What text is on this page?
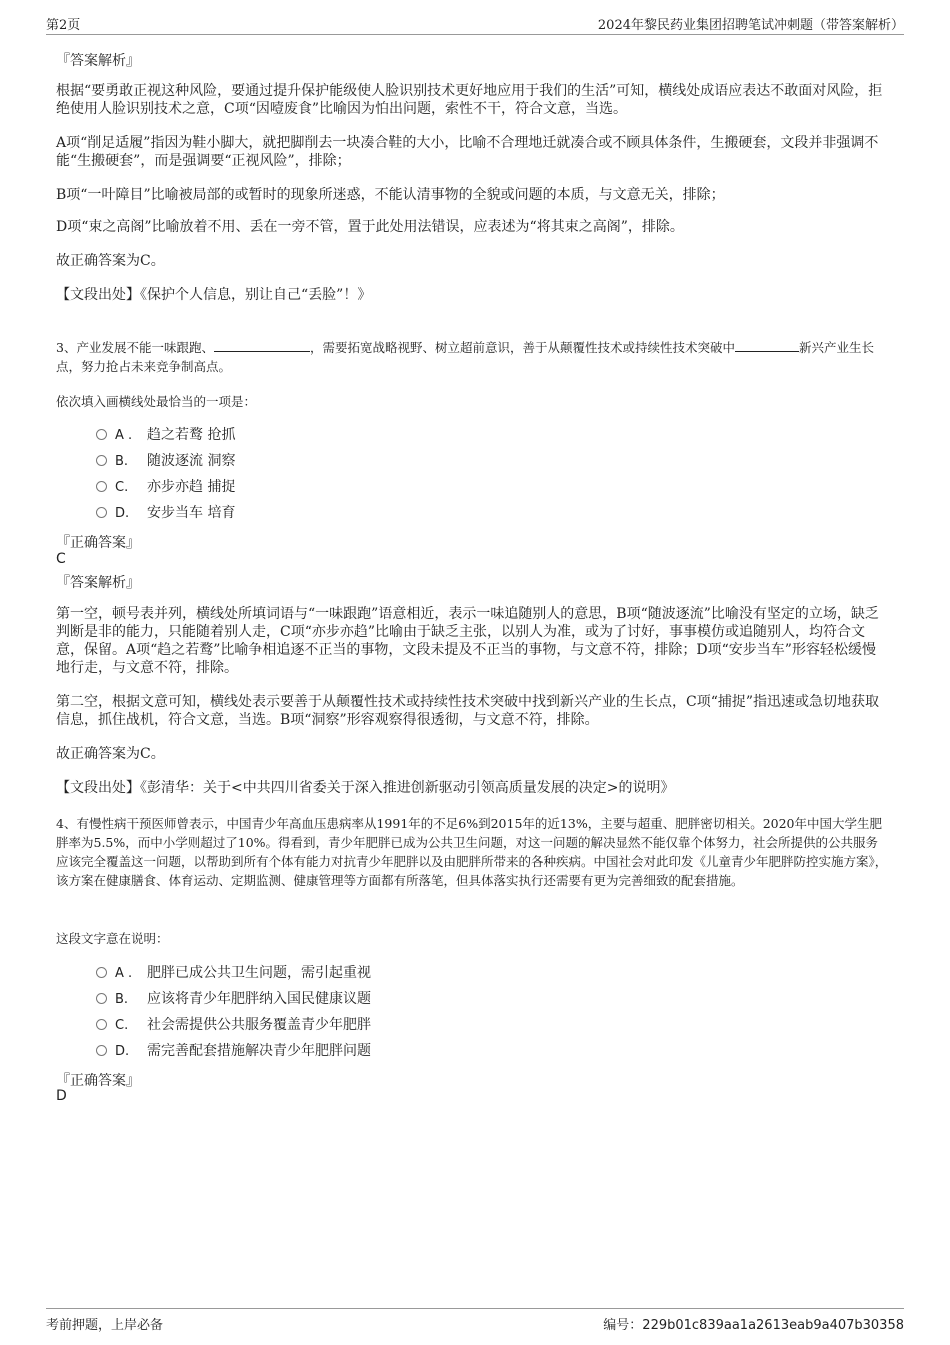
第2页	2024年黎民药业集团招聘笔试冲刺题（带答案解析）
『答案解析』

根据“要勇敢正视这种风险，要通过提升保护能级使人脸识别技术更好地应用于我们的生活”可知，横线处成语应表达不敢面对风险，拒绝使用人脸识别技术之意，C项“因噎废食”比喻因为怕出问题，索性不干，符合文意，当选。

A项“削足适履”指因为鞋小脚大，就把脚削去一块凑合鞋的大小，比喻不合理地迁就凑合或不顾具体条件，生搬硬套，文段并非强调不能“生搬硬套”，而是强调要“正视风险”，排除；

B项“一叶障目”比喻被局部的或暂时的现象所迷惑，不能认清事物的全貌或问题的本质，与文意无关，排除；

D项“束之高阁”比喻放着不用、丢在一旁不管，置于此处用法错误，应表述为“将其束之高阁”，排除。

故正确答案为C。

【文段出处】《保护个人信息，别让自己“丢脸”！》

3、产业发展不能一味跟跑、	，需要拓宽战略视野、树立超前意识，善于从颠覆性技术或持续性技术突破中	新兴产业生长点，努力抢占未来竞争制高点。

依次填入画横线处最恰当的一项是：
A . 趋之若鹜 抢抓
B. 随波逐流 洞察
C. 亦步亦趋 捕捉
D. 安步当车 培育
『正确答案』
C
『答案解析』

第一空，顿号表并列，横线处所填词语与“一味跟跑”语意相近，表示一味追随别人的意思，B项“随波逐流”比喻没有坚定的立场，缺乏判断是非的能力，只能随着别人走，C项“亦步亦趋”比喻由于缺乏主张，以别人为准，或为了讨好，事事模仿或追随别人，均符合文意，保留。A项“趋之若鹜”比喻争相追逐不正当的事物，文段未提及不正当的事物，与文意不符，排除；D项“安步当车”形容轻松缓慢地行走，与文意不符，排除。

第二空，根据文意可知，横线处表示要善于从颠覆性技术或持续性技术突破中找到新兴产业的生长点，C项“捕捉”指迅速或急切地获取信息，抓住战机，符合文意，当选。B项“洞察”形容观察得很透彻，与文意不符，排除。

故正确答案为C。

【文段出处】《彭清华：关于<中共四川省委关于深入推进创新驱动引领高质量发展的决定>的说明》

4、有慢性病干预医师曾表示，中国青少年高血压患病率从1991年的不足6%到2015年的近13%，主要与超重、肥胖密切相关。2020年中国大学生肥胖率为5.5%，而中小学则超过了10%。得看到，青少年肥胖已成为公共卫生问题，对这一问题的解决显然不能仅靠个体努力，社会所提供的公共服务应该完全覆盖这一问题，以帮助到所有个体有能力对抗青少年肥胖以及由肥胖所带来的各种疾病。中国社会对此印发《儿童青少年肥胖防控实施方案》，该方案在健康膳食、体育运动、定期监测、健康管理等方面都有所落笔，但具体落实执行还需要有更为完善细致的配套措施。

这段文字意在说明：
A . 肥胖已成公共卫生问题，需引起重视
B. 应该将青少年肥胖纳入国民健康议题
C. 社会需提供公共服务覆盖青少年肥胖
D. 需完善配套措施解决青少年肥胖问题
『正确答案』
D
考前押题，上岸必备	编号：229b01c839aa1a2613eab9a407b30358
